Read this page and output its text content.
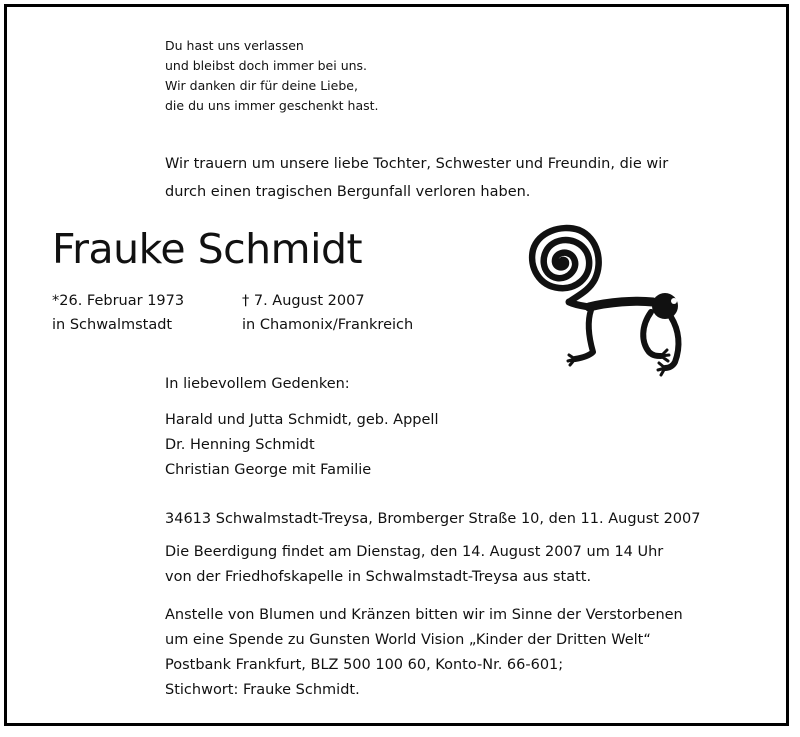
Du hast uns verlassen
und bleibst doch immer bei uns.
Wir danken dir für deine Liebe,
die du uns immer geschenkt hast.
Wir trauern um unsere liebe Tochter, Schwester und Freundin, die wir
durch einen tragischen Bergunfall verloren haben.
Frauke Schmidt
*26. Februar 1973
in Schwalmstadt
† 7. August 2007
in Chamonix/Frankreich
In liebevollem Gedenken:
Harald und Jutta Schmidt, geb. Appell
Dr. Henning Schmidt
Christian George mit Familie
34613 Schwalmstadt-Treysa, Bromberger Straße 10, den 11. August 2007
Die Beerdigung findet am Dienstag, den 14. August 2007 um 14 Uhr
von der Friedhofskapelle in Schwalmstadt-Treysa aus statt.
Anstelle von Blumen und Kränzen bitten wir im Sinne der Verstorbenen
um eine Spende zu Gunsten World Vision „Kinder der Dritten Welt“
Postbank Frankfurt, BLZ 500 100 60, Konto-Nr. 66-601;
Stichwort: Frauke Schmidt.
